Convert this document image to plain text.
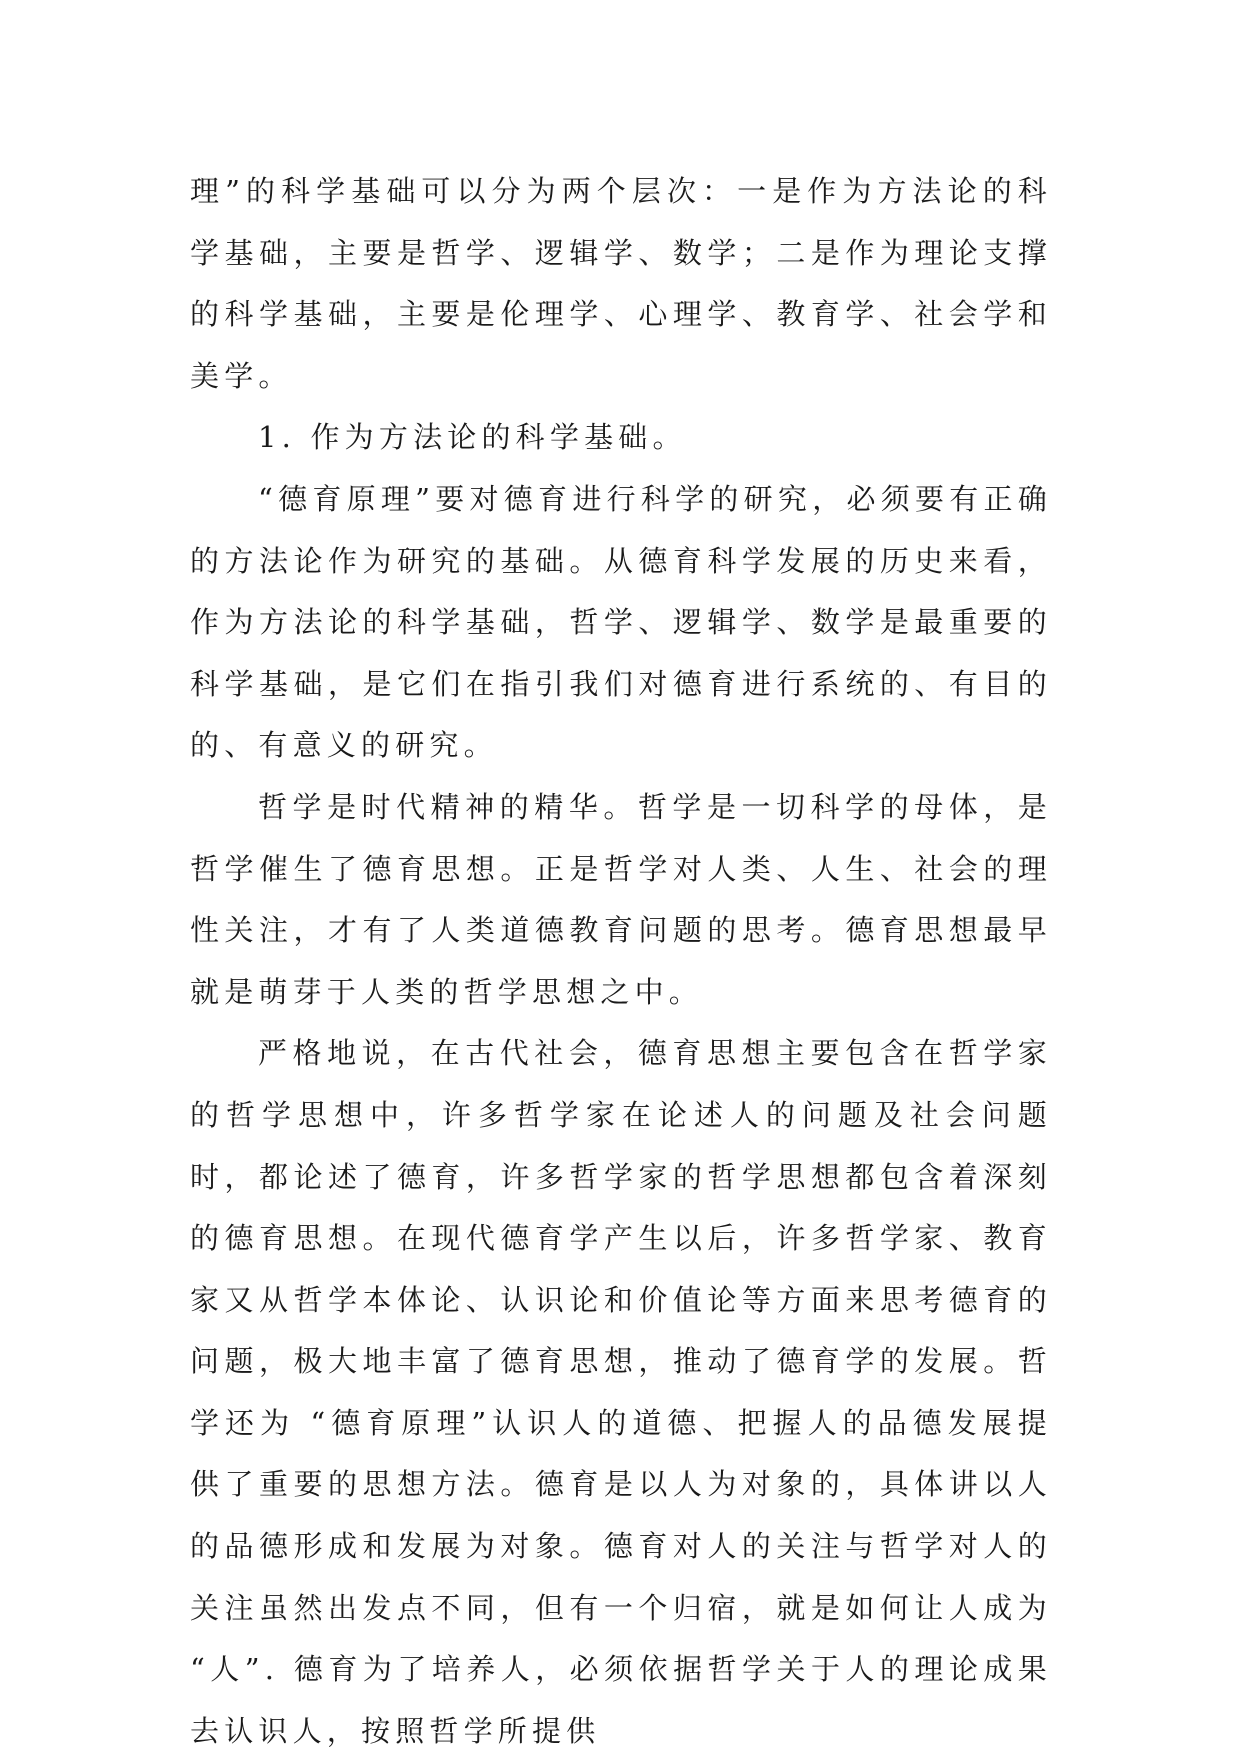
理”的科学基础可以分为两个层次：一是作为方法论的科学基础，主要是哲学、逻辑学、数学；二是作为理论支撑的科学基础，主要是伦理学、心理学、教育学、社会学和美学。

1. 作为方法论的科学基础。

“德育原理”要对德育进行科学的研究，必须要有正确的方法论作为研究的基础。从德育科学发展的历史来看，作为方法论的科学基础，哲学、逻辑学、数学是最重要的科学基础，是它们在指引我们对德育进行系统的、有目的的、有意义的研究。

哲学是时代精神的精华。哲学是一切科学的母体，是哲学催生了德育思想。正是哲学对人类、人生、社会的理性关注，才有了人类道德教育问题的思考。德育思想最早就是萌芽于人类的哲学思想之中。

严格地说，在古代社会，德育思想主要包含在哲学家的哲学思想中，许多哲学家在论述人的问题及社会问题时，都论述了德育，许多哲学家的哲学思想都包含着深刻的德育思想。在现代德育学产生以后，许多哲学家、教育家又从哲学本体论、认识论和价值论等方面来思考德育的问题，极大地丰富了德育思想，推动了德育学的发展。哲学还为 “德育原理”认识人的道德、把握人的品德发展提供了重要的思想方法。德育是以人为对象的，具体讲以人的品德形成和发展为对象。德育对人的关注与哲学对人的关注虽然出发点不同，但有一个归宿，就是如何让人成为 “人”. 德育为了培养人，必须依据哲学关于人的理论成果去认识人，按照哲学所提供
